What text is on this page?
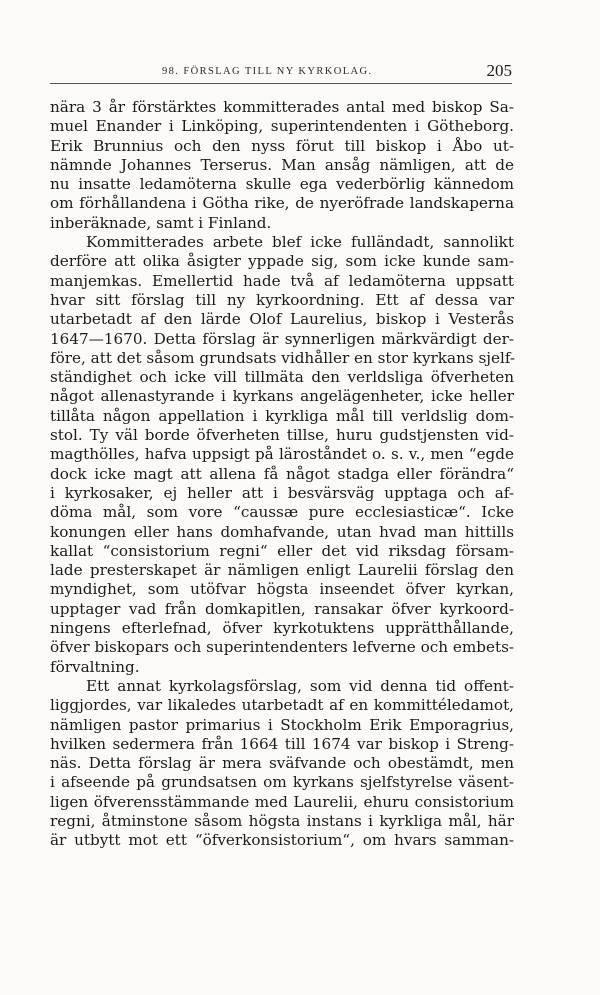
98. FÖRSLAG TILL NY KYRKOLAG.	205
nära 3 år förstärktes kommitterades antal med biskop Sa-
muel Enander i Linköping, superintendenten i Götheborg.
Erik Brunnius och den nyss förut till biskop i Åbo ut-
nämnde Johannes Terserus. Man ansåg nämligen, att de
nu insatte ledamöterna skulle ega vederbörlig kännedom
om förhållandena i Götha rike, de nyeröfrade landskaperna
inberäknade, samt i Finland.
Kommitterades arbete blef icke fulländadt, sannolikt
derföre att olika åsigter yppade sig, som icke kunde sam-
manjemkas. Emellertid hade två af ledamöterna uppsatt
hvar sitt förslag till ny kyrkoordning. Ett af dessa var
utarbetadt af den lärde Olof Laurelius, biskop i Vesterås
1647—1670. Detta förslag är synnerligen märkvärdigt der-
före, att det såsom grundsats vidhåller en stor kyrkans sjelf-
ständighet och icke vill tillmäta den verldsliga öfverheten
något allenastyrande i kyrkans angelägenheter, icke heller
tillåta någon appellation i kyrkliga mål till verldslig dom-
stol. Ty väl borde öfverheten tillse, huru gudstjensten vid-
magthölles, hafva uppsigt på läroståndet o. s. v., men “egde
dock icke magt att allena få något stadga eller förändra“
i kyrkosaker, ej heller att i besvärsväg upptaga och af-
döma mål, som vore “caussæ pure ecclesiasticæ“. Icke
konungen eller hans domhafvande, utan hvad man hittills
kallat “consistorium regni“ eller det vid riksdag försam-
lade presterskapet är nämligen enligt Laurelii förslag den
myndighet, som utöfvar högsta inseendet öfver kyrkan,
upptager vad från domkapitlen, ransakar öfver kyrkoord-
ningens efterlefnad, öfver kyrkotuktens upprätthållande,
öfver biskopars och superintendenters lefverne och embets-
förvaltning.
Ett annat kyrkolagsförslag, som vid denna tid offent-
liggjordes, var likaledes utarbetadt af en kommittéledamot,
nämligen pastor primarius i Stockholm Erik Emporagrius,
hvilken sedermera från 1664 till 1674 var biskop i Streng-
näs. Detta förslag är mera sväfvande och obestämdt, men
i afseende på grundsatsen om kyrkans sjelfstyrelse väsent-
ligen öfverensstämmande med Laurelii, ehuru consistorium
regni, åtminstone såsom högsta instans i kyrkliga mål, här
är utbytt mot ett “öfverkonsistorium“, om hvars samman-
